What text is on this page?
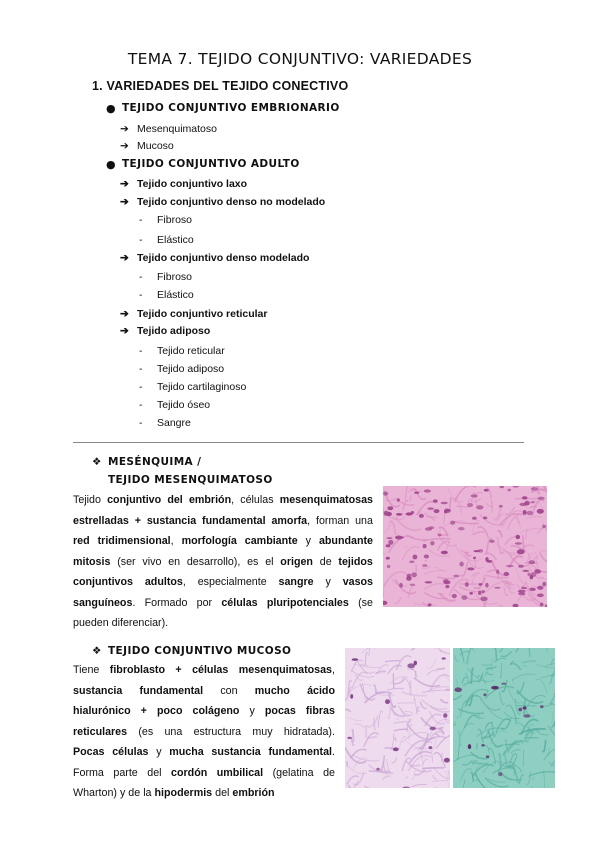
TEMA 7. TEJIDO CONJUNTIVO: VARIEDADES
1. VARIEDADES DEL TEJIDO CONECTIVO
● TEJIDO CONJUNTIVO EMBRIONARIO
➔ Mesenquimatoso
➔ Mucoso
● TEJIDO CONJUNTIVO ADULTO
➔ Tejido conjuntivo laxo
➔ Tejido conjuntivo denso no modelado
- Fibroso
- Elástico
➔ Tejido conjuntivo denso modelado
- Fibroso
- Elástico
➔ Tejido conjuntivo reticular
➔ Tejido adiposo
- Tejido reticular
- Tejido adiposo
- Tejido cartilaginoso
- Tejido óseo
- Sangre
❖ MESÉNQUIMA /
TEJIDO MESENQUIMATOSO
Tejido conjuntivo del embrión, células mesenquimatosas
estrelladas + sustancia fundamental amorfa, forman una
red tridimensional, morfología cambiante y abundante
mitosis (ser vivo en desarrollo), es el origen de tejidos
conjuntivos adultos, especialmente sangre y vasos
sanguíneos. Formado por células pluripotenciales (se
pueden diferenciar).
❖ TEJIDO CONJUNTIVO MUCOSO
Tiene fibroblasto + células mesenquimatosas,
sustancia fundamental con mucho ácido
hialurónico + poco colágeno y pocas fibras
reticulares (es una estructura muy hidratada).
Pocas células y mucha sustancia fundamental.
Forma parte del cordón umbilical (gelatina de
Wharton) y de la hipodermis del embrión
